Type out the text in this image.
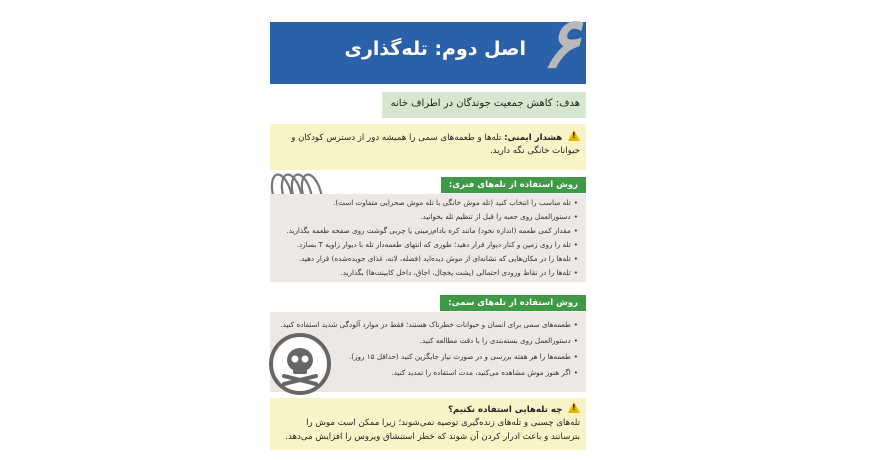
اصل دوم: تله‌گذاری ۶
هدف: کاهش جمعیت جوندگان در اطراف خانه
! هشدار ایمنی: تله‌ها و طعمه‌های سمی را همیشه دور از دسترس کودکان و
حیوانات خانگی نگه دارید.
روش استفاده از تله‌های فنری:
• تله مناسب را انتخاب کنید (تله موش خانگی با تله موش صحرایی متفاوت است).
• دستورالعمل روی جعبه را قبل از تنظیم تله بخوانید.
• مقدار کمی طعمه (اندازه نخود) مانند کره بادام‌زمینی یا چربی گوشت روی صفحه طعمه بگذارید.
• تله را روی زمین و کنار دیوار قرار دهید؛ طوری که انتهای طعمه‌دار تله با دیوار زاویه T بسازد.
• تله‌ها را در مکان‌هایی که نشانه‌ای از موش دیده‌اید (فضله، لانه، غذای جویده‌شده) قرار دهید.
• تله‌ها را در نقاط ورودی احتمالی (پشت یخچال، اجاق، داخل کابینت‌ها) بگذارید.
روش استفاده از تله‌های سمی:
• طعمه‌های سمی برای انسان و حیوانات خطرناک هستند؛ فقط در موارد آلودگی شدید استفاده کنید.
• دستورالعمل روی بسته‌بندی را با دقت مطالعه کنید.
• طعمه‌ها را هر هفته بررسی و در صورت نیاز جایگزین کنید (حداقل ۱۵ روز).
• اگر هنوز موش مشاهده می‌کنید، مدت استفاده را تمدید کنید.
! چه تله‌هایی استفاده نکنیم؟
تله‌های چسبی و تله‌های زنده‌گیری توصیه نمی‌شوند؛ زیرا ممکن است موش را
بترسانند و باعث ادرار کردن آن شوند که خطر استنشاق ویروس را افزایش می‌دهد.
